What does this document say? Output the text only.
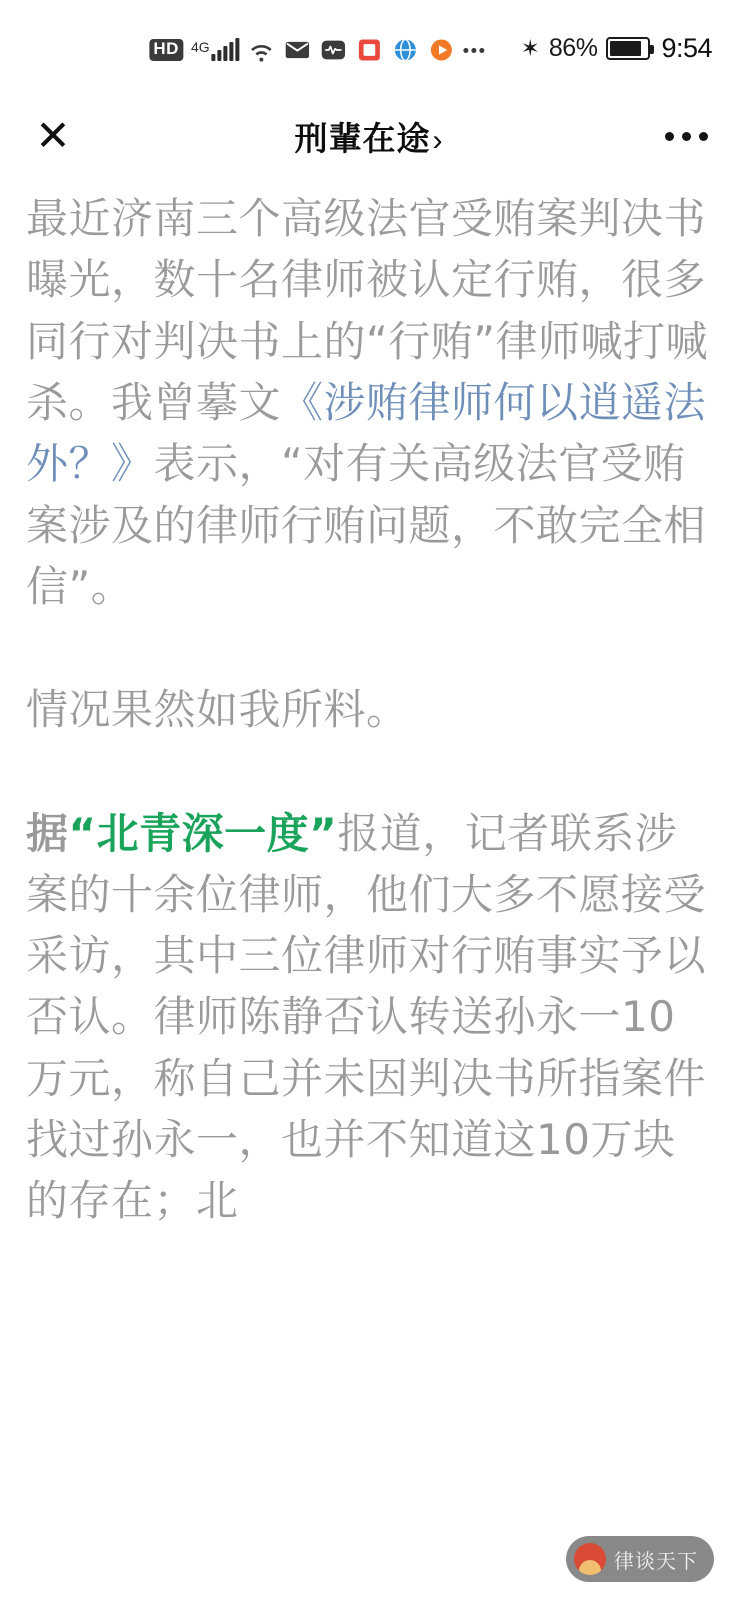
HD 4G	✶ 86% 9:54
✕	刑輩在途›

最近济南三个高级法官受贿案判决书曝光，数十名律师被认定行贿，很多同行对判决书上的“行贿”律师喊打喊杀。我曾摹文《涉贿律师何以逍遥法外？》表示，“对有关高级法官受贿案涉及的律师行贿问题，不敢完全相信”。

情况果然如我所料。

据“北青深一度”报道，记者联系涉案的十余位律师，他们大多不愿接受采访，其中三位律师对行贿事实予以否认。律师陈静否认转送孙永一10万元，称自己并未因判决书所指案件找过孙永一，也并不知道这10万块的存在；北

律谈天下
